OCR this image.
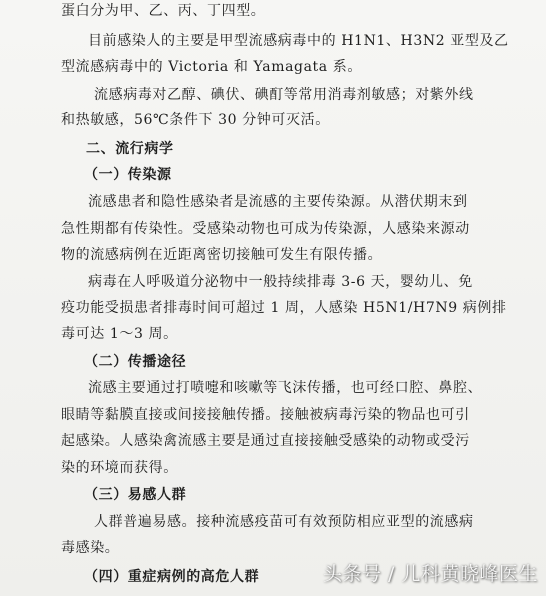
蛋白分为甲、乙、丙、丁四型。
目前感染人的主要是甲型流感病毒中的 H1N1、H3N2 亚型及乙
型流感病毒中的 Victoria 和 Yamagata 系。
流感病毒对乙醇、碘伏、碘酊等常用消毒剂敏感；对紫外线
和热敏感，56℃条件下 30 分钟可灭活。
二、流行病学
（一）传染源
流感患者和隐性感染者是流感的主要传染源。从潜伏期末到
急性期都有传染性。受感染动物也可成为传染源，人感染来源动
物的流感病例在近距离密切接触可发生有限传播。
病毒在人呼吸道分泌物中一般持续排毒 3-6 天，婴幼儿、免
疫功能受损患者排毒时间可超过 1 周，人感染 H5N1/H7N9 病例排
毒可达 1～3 周。
（二）传播途径
流感主要通过打喷嚏和咳嗽等飞沫传播，也可经口腔、鼻腔、
眼睛等黏膜直接或间接接触传播。接触被病毒污染的物品也可引
起感染。人感染禽流感主要是通过直接接触受感染的动物或受污
染的环境而获得。
（三）易感人群
人群普遍易感。接种流感疫苗可有效预防相应亚型的流感病
毒感染。
（四）重症病例的高危人群	头条号 / 儿科黄晓峰医生
